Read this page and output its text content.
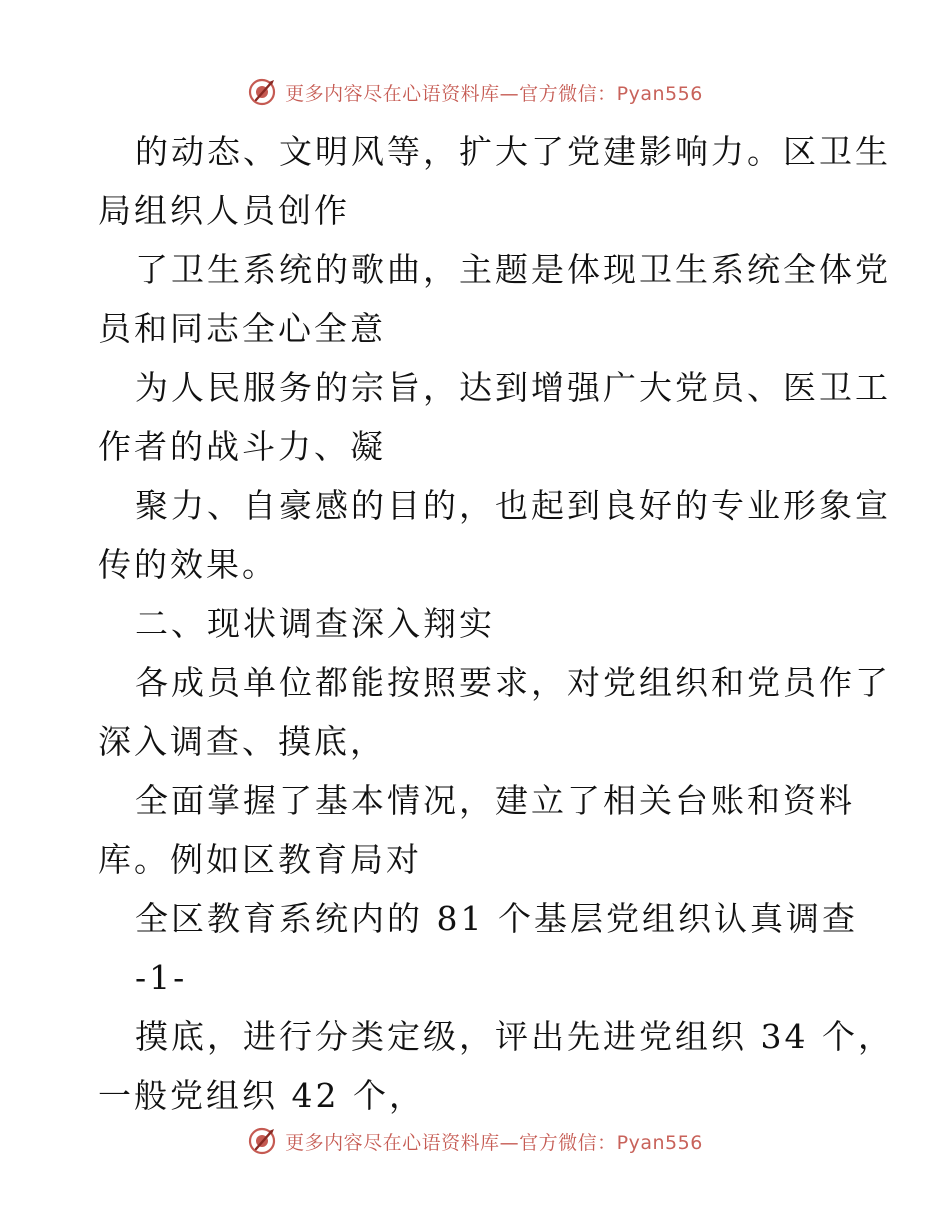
更多内容尽在心语资料库—官方微信：Pyan556
的动态、文明风等，扩大了党建影响力。区卫生
局组织人员创作
了卫生系统的歌曲，主题是体现卫生系统全体党
员和同志全心全意
为人民服务的宗旨，达到增强广大党员、医卫工
作者的战斗力、凝
聚力、自豪感的目的，也起到良好的专业形象宣
传的效果。
二、现状调查深入翔实
各成员单位都能按照要求，对党组织和党员作了
深入调查、摸底，
全面掌握了基本情况，建立了相关台账和资料
库。例如区教育局对
全区教育系统内的 81 个基层党组织认真调查
-1-
摸底，进行分类定级，评出先进党组织 34 个，
一般党组织 42 个，
更多内容尽在心语资料库—官方微信：Pyan556
